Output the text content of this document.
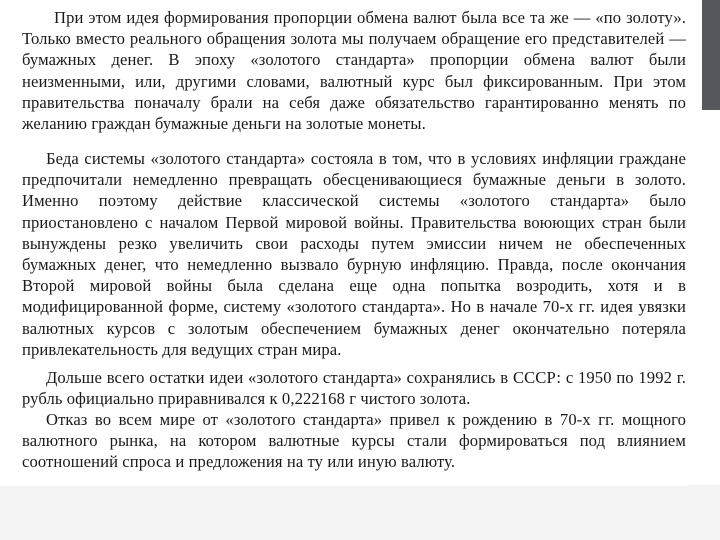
При этом идея формирования пропорции обмена валют была все та же — «по золоту». Только вместо реального обращения золота мы получаем обращение его представителей — бумажных денег. В эпоху «золотого стандарта» пропорции обмена валют были неизменными, или, другими словами, валютный курс был фиксированным. При этом правительства поначалу брали на себя даже обязательство гарантированно менять по желанию граждан бумажные деньги на золотые монеты.

Беда системы «золотого стандарта» состояла в том, что в условиях инфляции граждане предпочитали немедленно превращать обесценивающиеся бумажные деньги в золото. Именно поэтому действие классической системы «золотого стандарта» было приостановлено с началом Первой мировой войны. Правительства воюющих стран были вынуждены резко увеличить свои расходы путем эмиссии ничем не обеспеченных бумажных денег, что немедленно вызвало бурную инфляцию. Правда, после окончания Второй мировой войны была сделана еще одна попытка возродить, хотя и в модифицированной форме, систему «золотого стандарта». Но в начале 70-х гг. идея увязки валютных курсов с золотым обеспечением бумажных денег окончательно потеряла привлекательность для ведущих стран мира.

Дольше всего остатки идеи «золотого стандарта» сохранялись в СССР: с 1950 по 1992 г. рубль официально приравнивался к 0,222168 г чистого золота.

Отказ во всем мире от «золотого стандарта» привел к рождению в 70-х гг. мощного валютного рынка, на котором валютные курсы стали формироваться под влиянием соотношений спроса и предложения на ту или иную валюту.
